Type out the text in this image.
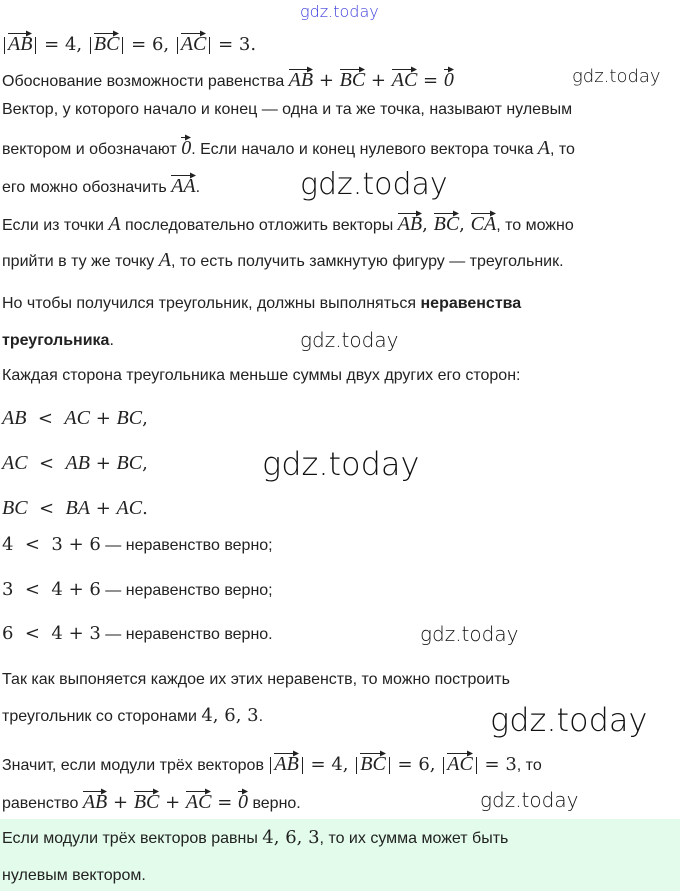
AB = 4, BC = 6, AC = 3.
Обоснование возможности равенства AB + BC + AC = 0
Вектор, у которого начало и конец — одна и та же точка, называют нулевым
вектором и обозначают 0. Если начало и конец нулевого вектора точка A, то
его можно обозначить AA.
Если из точки A последовательно отложить векторы AB, BC, CA, то можно
прийти в ту же точку A, то есть получить замкнутую фигуру — треугольник.
Но чтобы получился треугольник, должны выполняться неравенства
треугольника.
Каждая сторона треугольника меньше суммы двух других его сторон:
AB  <  AC + BC,
AC  <  AB + BC,
BC  <  BA + AC.
4  <  3 + 6 — неравенство верно;
3  <  4 + 6 — неравенство верно;
6  <  4 + 3 — неравенство верно.
Так как выпоняется каждое их этих неравенств, то можно построить
треугольник со сторонами 4, 6, 3.
Значит, если модули трёх векторов AB = 4, BC = 6, AC = 3, то
равенство AB + BC + AC = 0 верно.
Если модули трёх векторов равны 4, 6, 3, то их сумма может быть
нулевым вектором.
gdz.today
gdz.today
gdz.today
gdz.today
gdz.today
gdz.today
gdz.today
gdz.today
